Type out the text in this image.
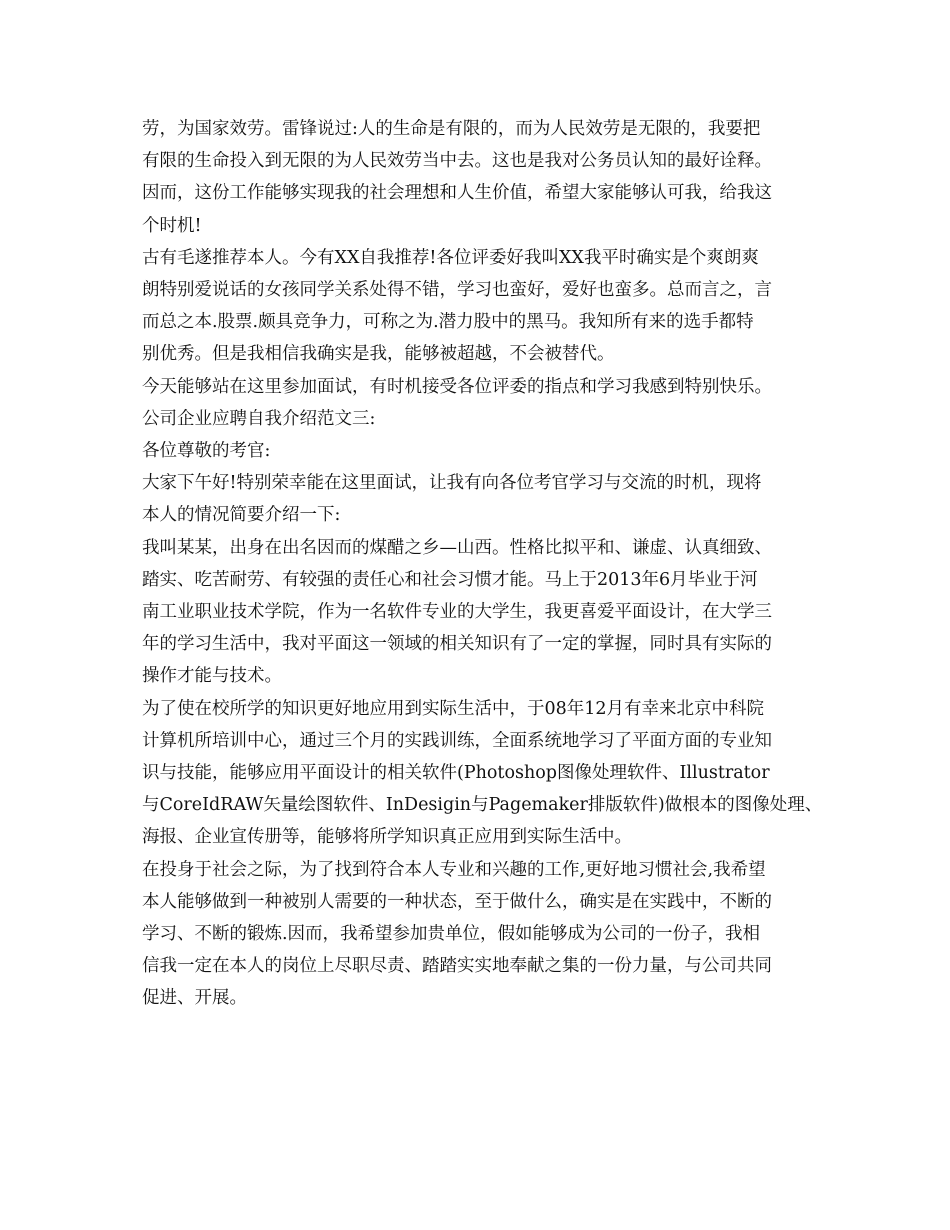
劳，为国家效劳。雷锋说过:人的生命是有限的，而为人民效劳是无限的，我要把

有限的生命投入到无限的为人民效劳当中去。这也是我对公务员认知的最好诠释。

因而，这份工作能够实现我的社会理想和人生价值，希望大家能够认可我，给我这

个时机!

古有毛遂推荐本人。今有XX自我推荐!各位评委好我叫XX我平时确实是个爽朗爽

朗特别爱说话的女孩同学关系处得不错，学习也蛮好，爱好也蛮多。总而言之，言

而总之本.股票.颇具竞争力，可称之为.潜力股中的黑马。我知所有来的选手都特

别优秀。但是我相信我确实是我，能够被超越，不会被替代。

今天能够站在这里参加面试，有时机接受各位评委的指点和学习我感到特别快乐。

公司企业应聘自我介绍范文三:

各位尊敬的考官:

大家下午好!特别荣幸能在这里面试，让我有向各位考官学习与交流的时机，现将

本人的情况简要介绍一下:

我叫某某，出身在出名因而的煤醋之乡—山西。性格比拟平和、谦虚、认真细致、

踏实、吃苦耐劳、有较强的责任心和社会习惯才能。马上于2013年6月毕业于河

南工业职业技术学院，作为一名软件专业的大学生，我更喜爱平面设计，在大学三

年的学习生活中，我对平面这一领域的相关知识有了一定的掌握，同时具有实际的

操作才能与技术。

为了使在校所学的知识更好地应用到实际生活中，于08年12月有幸来北京中科院

计算机所培训中心，通过三个月的实践训练，全面系统地学习了平面方面的专业知

识与技能，能够应用平面设计的相关软件(Photoshop图像处理软件、Illustrator

与CoreIdRAW矢量绘图软件、InDesigin与Pagemaker排版软件)做根本的图像处理、

海报、企业宣传册等，能够将所学知识真正应用到实际生活中。

在投身于社会之际，为了找到符合本人专业和兴趣的工作,更好地习惯社会,我希望

本人能够做到一种被别人需要的一种状态，至于做什么，确实是在实践中，不断的

学习、不断的锻炼.因而，我希望参加贵单位，假如能够成为公司的一份子，我相

信我一定在本人的岗位上尽职尽责、踏踏实实地奉献之集的一份力量，与公司共同

促进、开展。
